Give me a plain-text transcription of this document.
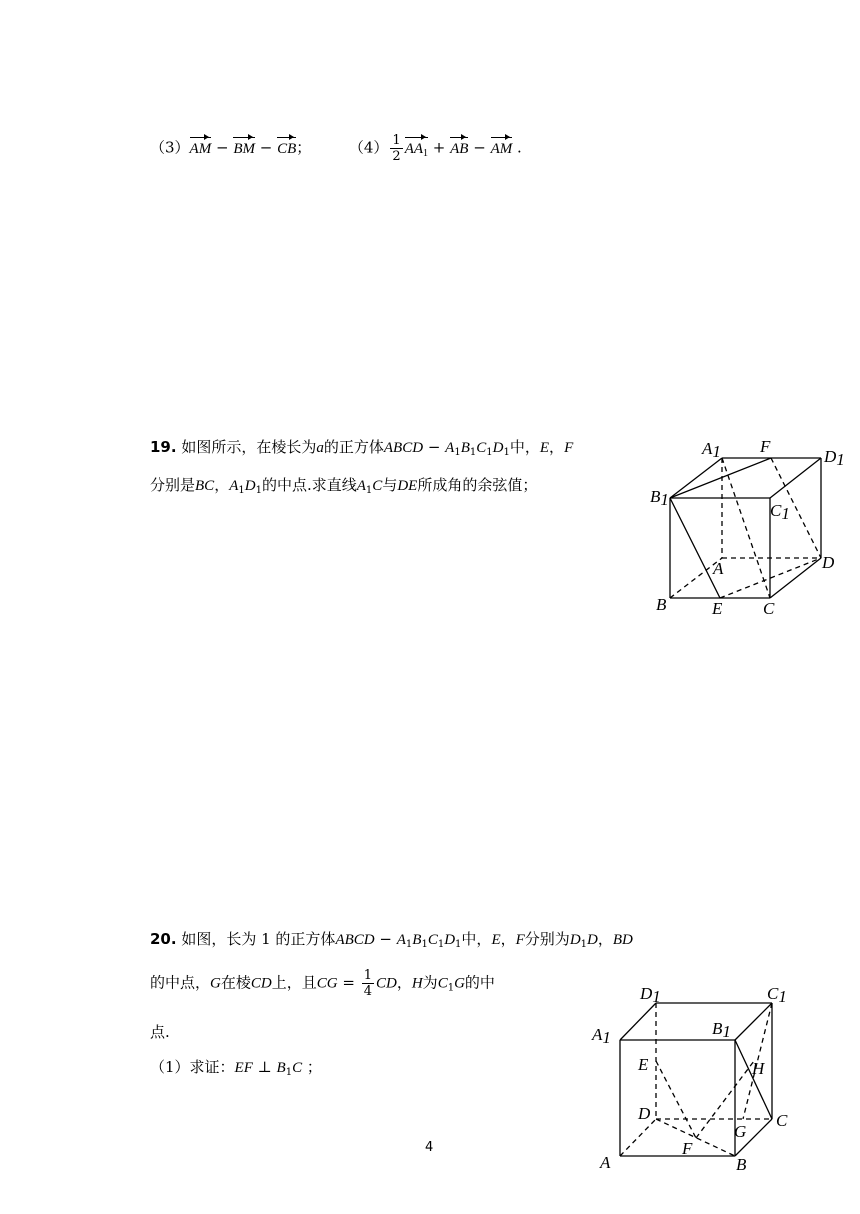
（3）AM − BM − CB；	$(4) \frac{1}{2} AA_1$ + AB − AM .
19. 如图所示，在棱长为a的正方体ABCD − $A_1B_1C_1D_1$中，E，F
分别是BC，$A_1D_1$的中点.求直线$A_1C$与DE所成角的余弦值；
A1 F
D1
B1
C1
A	D
B	E C
20. 如图，长为 1 的正方体ABCD − $A_1B_1C_1D_1$中，E，F分别为$D_1D$，BD
的中点，G在棱CD上，且CG = $\frac{1}{4}$ CD，H为$C_1G$的中
点.
（1）求证：EF ⊥ $B_1C$ ；
D1	C1
A1	B1
E	H
D
G
C
F
A	B
4
